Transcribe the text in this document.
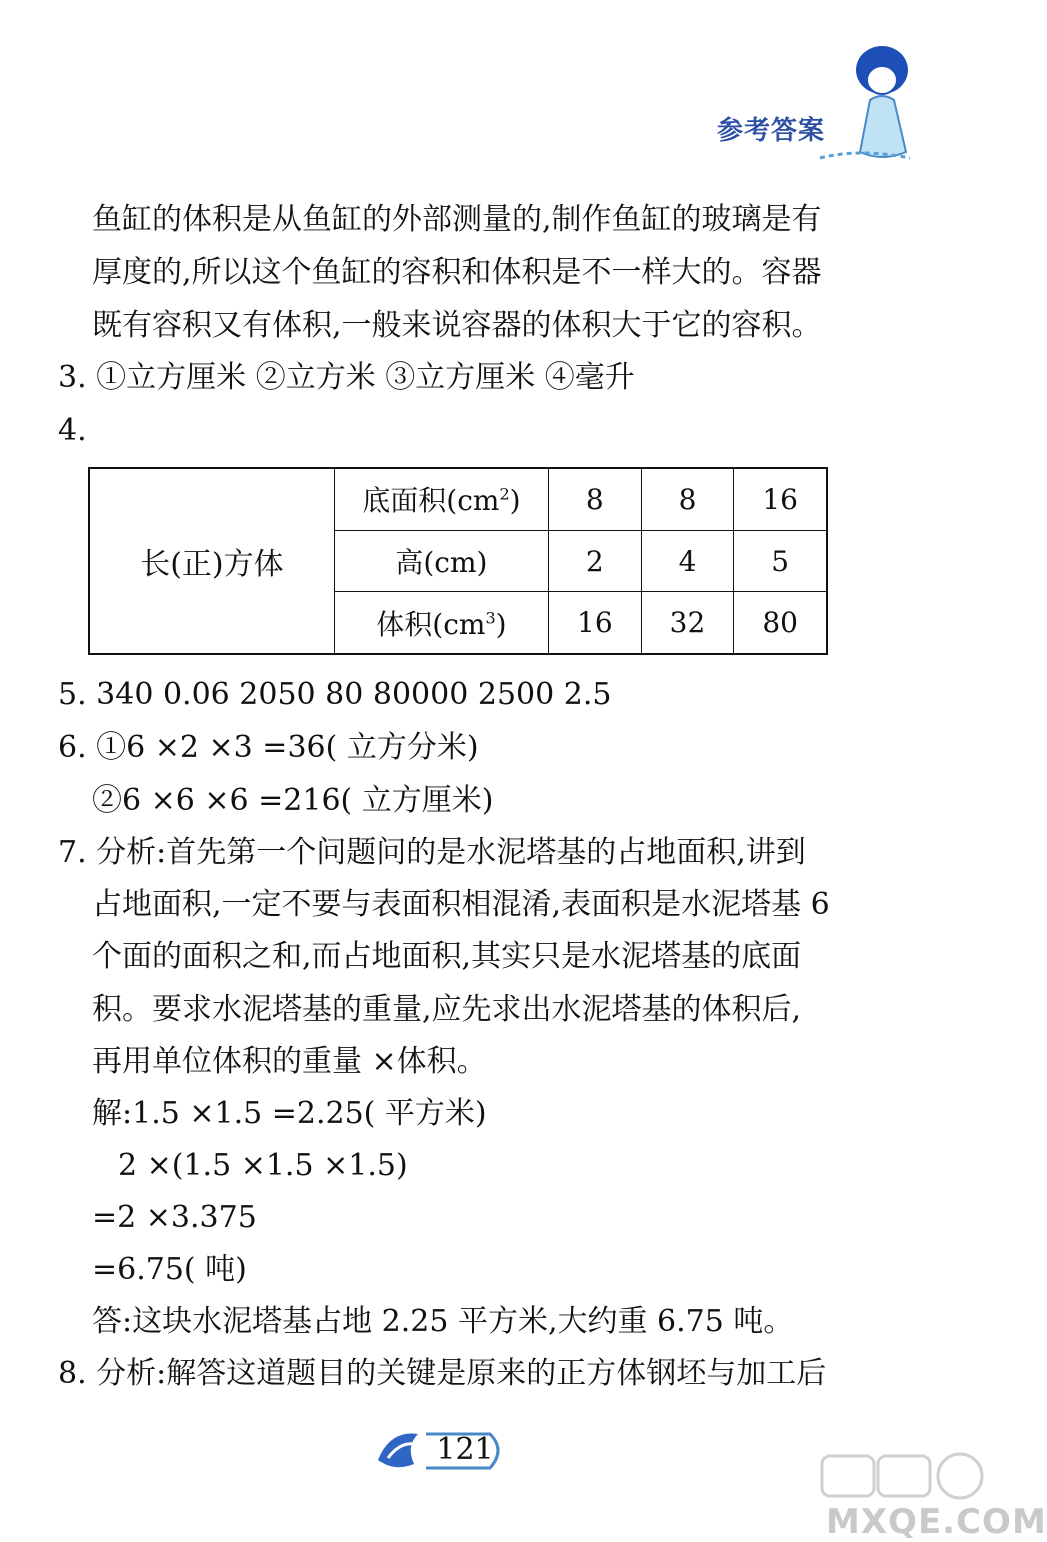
参考答案
鱼缸的体积是从鱼缸的外部测量的,制作鱼缸的玻璃是有
厚度的,所以这个鱼缸的容积和体积是不一样大的。容器
既有容积又有体积,一般来说容器的体积大于它的容积。
3. ①立方厘米 ②立方米 ③立方厘米 ④毫升
4.
长(正)方体	底面积$(cm^2)$	8	8	16
	高(cm)	2	4	5
	体积$(cm^3)$	16	32	80
5. 340 0.06 2050 80 80000 2500 2.5
6. ①6 ×2 ×3 =36( 立方分米)
②6 ×6 ×6 =216( 立方厘米)
7. 分析:首先第一个问题问的是水泥塔基的占地面积,讲到
占地面积,一定不要与表面积相混淆,表面积是水泥塔基 6
个面的面积之和,而占地面积,其实只是水泥塔基的底面
积。要求水泥塔基的重量,应先求出水泥塔基的体积后,
再用单位体积的重量 ×体积。
解:1.5 ×1.5 =2.25( 平方米)
2 ×(1.5 ×1.5 ×1.5)
=2 ×3.375
=6.75( 吨)
答:这块水泥塔基占地 2.25 平方米,大约重 6.75 吨。
8. 分析:解答这道题目的关键是原来的正方体钢坯与加工后
121
MXQE.COM
